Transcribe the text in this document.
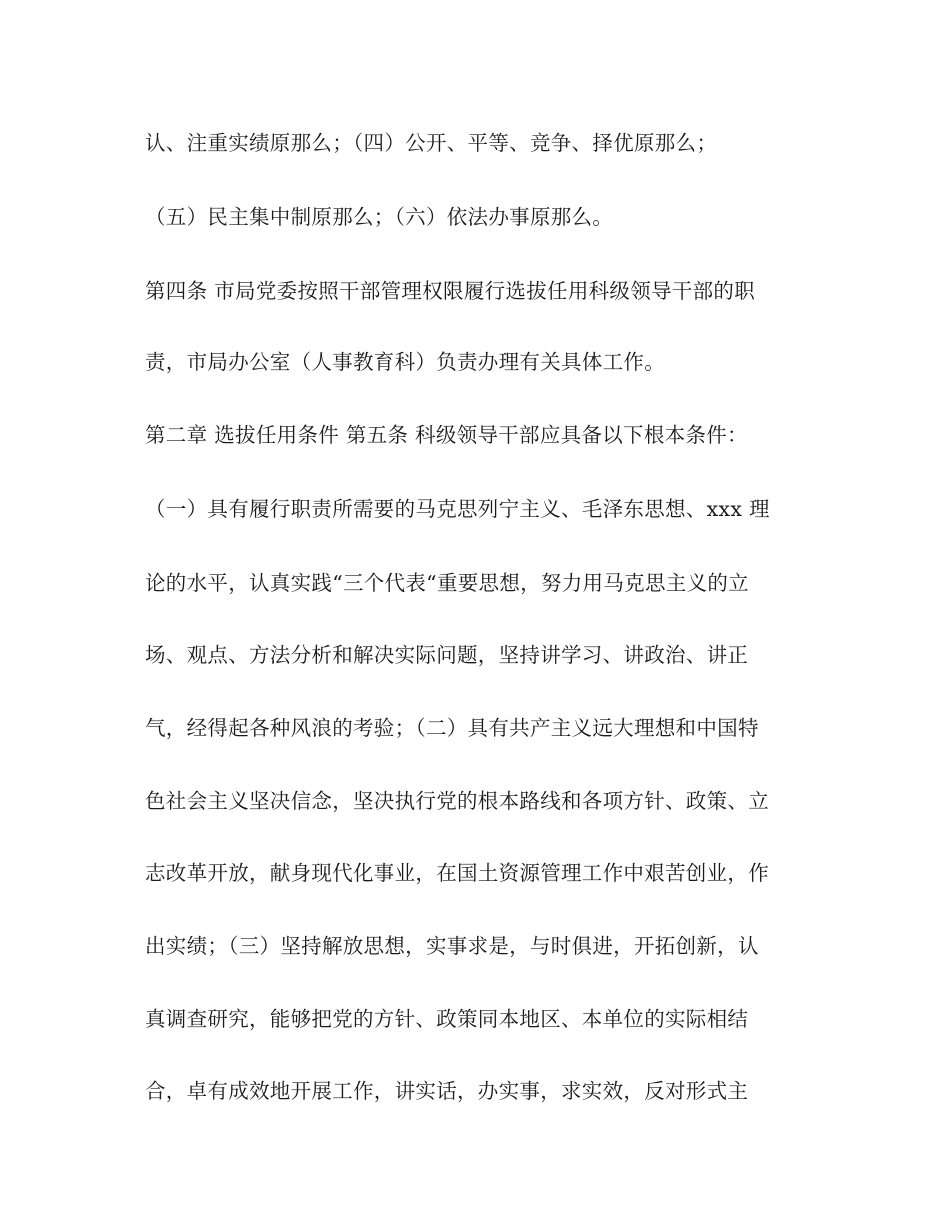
认、注重实绩原那么；（四）公开、平等、竞争、择优原那么；
（五）民主集中制原那么；（六）依法办事原那么。
第四条 市局党委按照干部管理权限履行选拔任用科级领导干部的职
责，市局办公室（人事教育科）负责办理有关具体工作。
第二章 选拔任用条件 第五条 科级领导干部应具备以下根本条件：
（一）具有履行职责所需要的马克思列宁主义、毛泽东思想、xxx 理
论的水平，认真实践“三个代表“重要思想，努力用马克思主义的立
场、观点、方法分析和解决实际问题，坚持讲学习、讲政治、讲正
气，经得起各种风浪的考验；（二）具有共产主义远大理想和中国特
色社会主义坚决信念，坚决执行党的根本路线和各项方针、政策、立
志改革开放，献身现代化事业，在国土资源管理工作中艰苦创业，作
出实绩；（三）坚持解放思想，实事求是，与时俱进，开拓创新，认
真调查研究，能够把党的方针、政策同本地区、本单位的实际相结
合，卓有成效地开展工作，讲实话，办实事，求实效，反对形式主
